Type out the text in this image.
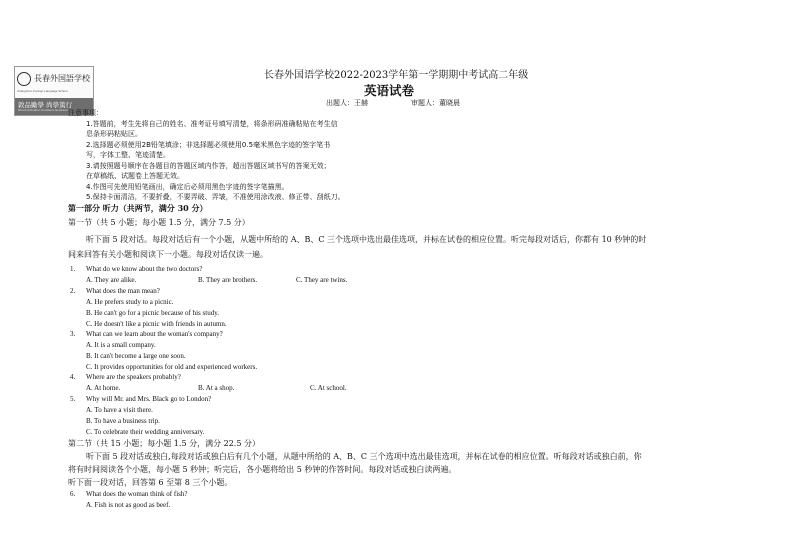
長春外国語学校
Changchun Foreign Language School
敦品勵學 尚學篤行
Moral Cultivation Persistent Endeavor
长春外国语学校2022-2023学年第一学期期中考试高二年级
英语试卷
出题人：王赫	审题人：董晓晨
注意事项：
1.答题前，考生先将自己的姓名、准考证号填写清楚，将条形码准确粘贴在考生信
息条形码粘贴区。
2.选择题必须使用2B铅笔填涂；非选择题必须使用0.5毫米黑色字迹的签字笔书
写，字体工整、笔迹清楚。
3.请按照题号顺序在各题目的答题区域内作答，超出答题区域书写的答案无效；
在草稿纸、试题卷上答题无效。
4.作图可先使用铅笔画出，确定后必须用黑色字迹的签字笔描黑。
5.保持卡面清洁，不要折叠，不要弄破、弄皱，不准使用涂改液、修正带、刮纸刀。
第一部分 听力（共两节，满分 30 分）
第一节（共 5 小题；每小题 1.5 分，满分 7.5 分）
听下面 5 段对话。每段对话后有一个小题，从题中所给的 A、B、C 三个选项中选出最佳选项，并标在试卷的相应位置。听完每段对话后，你都有 10 秒钟的时
间来回答有关小题和阅读下一小题。每段对话仅读一遍。
1. What do we know about the two doctors?
A. They are alike.	B. They are brothers.	C. They are twins.
2. What does the man mean?
A. He prefers study to a picnic.
B. He can't go for a picnic because of his study.
C. He doesn't like a picnic with friends in autumn.
3. What can we learn about the woman's company?
A. It is a small company.
B. It can't become a large one soon.
C. It provides opportunities for old and experienced workers.
4. Where are the speakers probably?
A. At home.	B. At a shop.	C. At school.
5. Why will Mr. and Mrs. Black go to London?
A. To have a visit there.
B. To have a business trip.
C. To celebrate their wedding anniversary.
第二节（共 15 小题；每小题 1.5 分，满分 22.5 分）
听下面 5 段对话或独白,每段对话或独白后有几个小题，从题中所给的 A、B、C 三个选项中选出最佳选项，并标在试卷的相应位置。听每段对话或独白前，你
将有时间阅读各个小题，每小题 5 秒钟；听完后，各小题将给出 5 秒钟的作答时间。每段对话或独白读两遍。
听下面一段对话，回答第 6 至第 8 三个小题。
6. What does the woman think of fish?
A. Fish is not as good as beef.
